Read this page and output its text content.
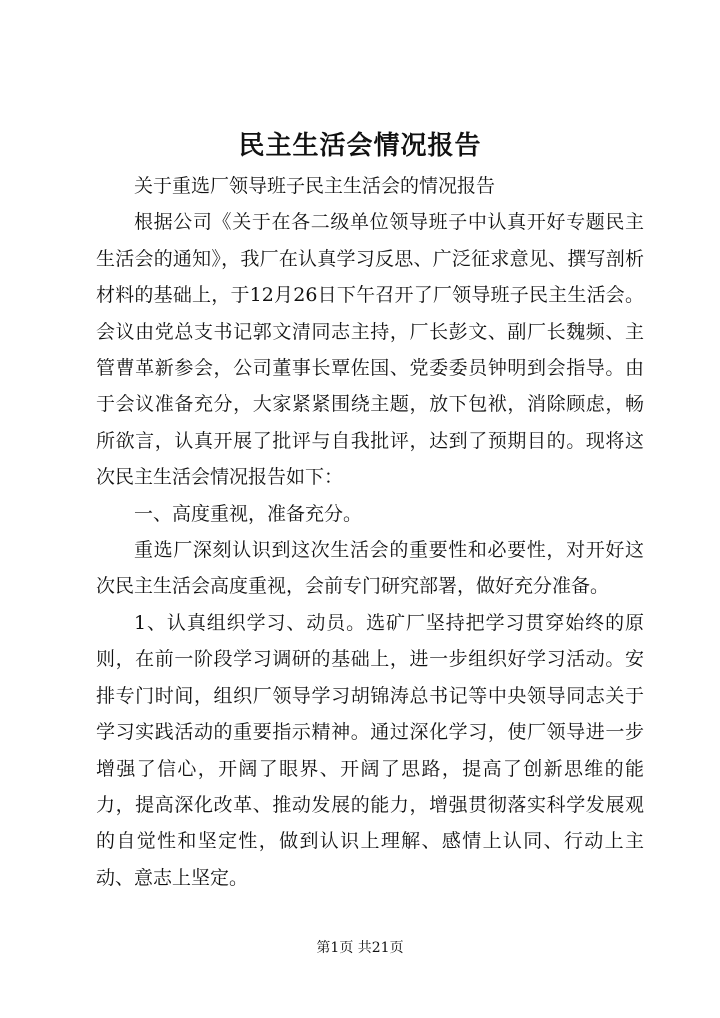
民主生活会情况报告

关于重选厂领导班子民主生活会的情况报告

根据公司《关于在各二级单位领导班子中认真开好专题民主生活会的通知》，我厂在认真学习反思、广泛征求意见、撰写剖析材料的基础上，于12月26日下午召开了厂领导班子民主生活会。会议由党总支书记郭文清同志主持，厂长彭文、副厂长魏频、主管曹革新参会，公司董事长覃佐国、党委委员钟明到会指导。由于会议准备充分，大家紧紧围绕主题，放下包袱，消除顾虑，畅所欲言，认真开展了批评与自我批评，达到了预期目的。现将这次民主生活会情况报告如下：

一、高度重视，准备充分。

重选厂深刻认识到这次生活会的重要性和必要性，对开好这次民主生活会高度重视，会前专门研究部署，做好充分准备。

1、认真组织学习、动员。选矿厂坚持把学习贯穿始终的原则，在前一阶段学习调研的基础上，进一步组织好学习活动。安排专门时间，组织厂领导学习胡锦涛总书记等中央领导同志关于学习实践活动的重要指示精神。通过深化学习，使厂领导进一步增强了信心，开阔了眼界、开阔了思路，提高了创新思维的能力，提高深化改革、推动发展的能力，增强贯彻落实科学发展观的自觉性和坚定性，做到认识上理解、感情上认同、行动上主动、意志上坚定。

第1页 共21页
